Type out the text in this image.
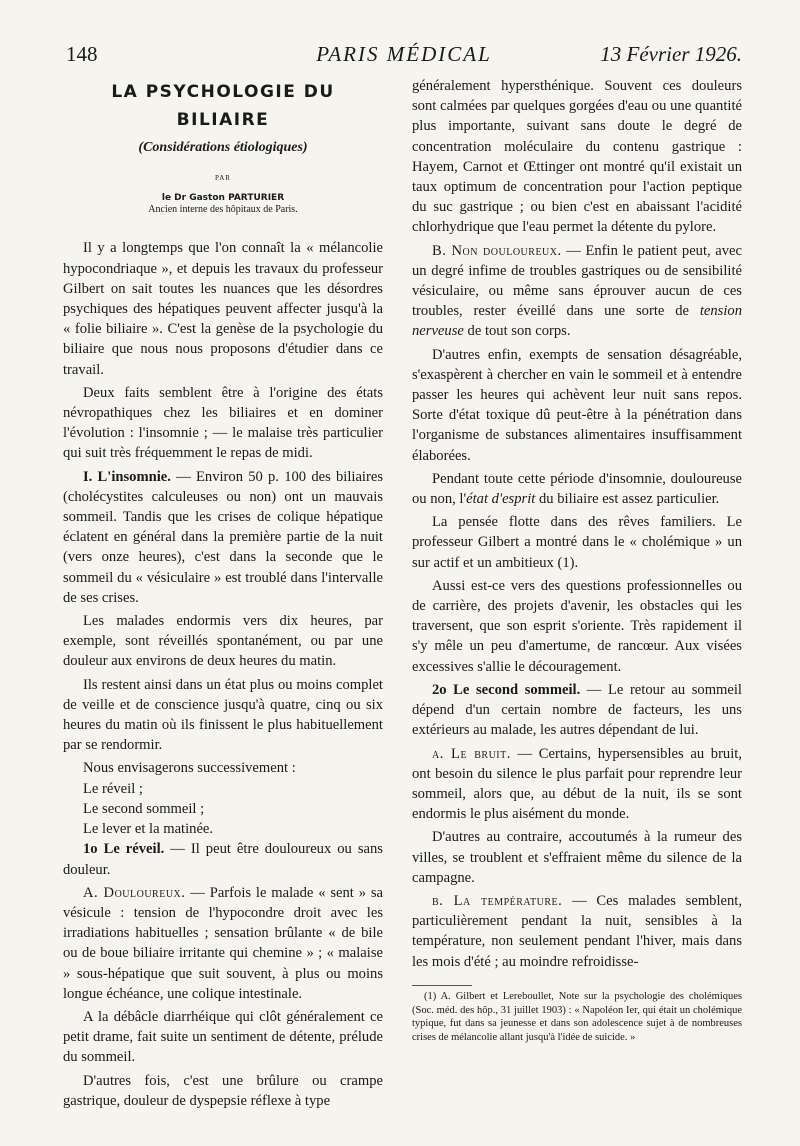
148	PARIS MÉDICAL	13 Février 1926.
LA PSYCHOLOGIE DU
BILIAIRE
(Considérations étiologiques)
PAR
le Dr Gaston PARTURIER
Ancien interne des hôpitaux de Paris.

Il y a longtemps que l'on connaît la « mélancolie hypocondriaque », et depuis les travaux du professeur Gilbert on sait toutes les nuances que les désordres psychiques des hépatiques peuvent affecter jusqu'à la « folie biliaire ». C'est la genèse de la psychologie du biliaire que nous nous proposons d'étudier dans ce travail.

Deux faits semblent être à l'origine des états névropathiques chez les biliaires et en dominer l'évolution : l'insomnie ; — le malaise très particulier qui suit très fréquemment le repas de midi.

I. L'insomnie. — Environ 50 p. 100 des biliaires (cholécystites calculeuses ou non) ont un mauvais sommeil. Tandis que les crises de colique hépatique éclatent en général dans la première partie de la nuit (vers onze heures), c'est dans la seconde que le sommeil du « vésiculaire » est troublé dans l'intervalle de ses crises.

Les malades endormis vers dix heures, par exemple, sont réveillés spontanément, ou par une douleur aux environs de deux heures du matin.

Ils restent ainsi dans un état plus ou moins complet de veille et de conscience jusqu'à quatre, cinq ou six heures du matin où ils finissent le plus habituellement par se rendormir.

Nous envisagerons successivement :

Le réveil ;

Le second sommeil ;

Le lever et la matinée.

1o Le réveil. — Il peut être douloureux ou sans douleur.

A. Douloureux. — Parfois le malade « sent » sa vésicule : tension de l'hypocondre droit avec les irradiations habituelles ; sensation brûlante « de bile ou de boue biliaire irritante qui chemine » ; « malaise » sous-hépatique que suit souvent, à plus ou moins longue échéance, une colique intestinale.

A la débâcle diarrhéique qui clôt généralement ce petit drame, fait suite un sentiment de détente, prélude du sommeil.

D'autres fois, c'est une brûlure ou crampe gastrique, douleur de dyspepsie réflexe à type

généralement hypersthénique. Souvent ces douleurs sont calmées par quelques gorgées d'eau ou une quantité plus importante, suivant sans doute le degré de concentration moléculaire du contenu gastrique : Hayem, Carnot et Œttinger ont montré qu'il existait un taux optimum de concentration pour l'action peptique du suc gastrique ; ou bien c'est en abaissant l'acidité chlorhydrique que l'eau permet la détente du pylore.

B. Non douloureux. — Enfin le patient peut, avec un degré infime de troubles gastriques ou de sensibilité vésiculaire, ou même sans éprouver aucun de ces troubles, rester éveillé dans une sorte de tension nerveuse de tout son corps.

D'autres enfin, exempts de sensation désagréable, s'exaspèrent à chercher en vain le sommeil et à entendre passer les heures qui achèvent leur nuit sans repos. Sorte d'état toxique dû peut-être à la pénétration dans l'organisme de substances alimentaires insuffisamment élaborées.

Pendant toute cette période d'insomnie, douloureuse ou non, l'état d'esprit du biliaire est assez particulier.

La pensée flotte dans des rêves familiers. Le professeur Gilbert a montré dans le « cholémique » un sur actif et un ambitieux (1).

Aussi est-ce vers des questions professionnelles ou de carrière, des projets d'avenir, les obstacles qui les traversent, que son esprit s'oriente. Très rapidement il s'y mêle un peu d'amertume, de rancœur. Aux visées excessives s'allie le découragement.

2o Le second sommeil. — Le retour au sommeil dépend d'un certain nombre de facteurs, les uns extérieurs au malade, les autres dépendant de lui.

a. Le bruit. — Certains, hypersensibles au bruit, ont besoin du silence le plus parfait pour reprendre leur sommeil, alors que, au début de la nuit, ils se sont endormis le plus aisément du monde.

D'autres au contraire, accoutumés à la rumeur des villes, se troublent et s'effraient même du silence de la campagne.

b. La température. — Ces malades semblent, particulièrement pendant la nuit, sensibles à la température, non seulement pendant l'hiver, mais dans les mois d'été ; au moindre refroidisse-

(1) A. Gilbert et Lereboullet, Note sur la psychologie des cholémiques (Soc. méd. des hôp., 31 juillet 1903) : « Napoléon Ier, qui était un cholémique typique, fut dans sa jeunesse et dans son adolescence sujet à de nombreuses crises de mélancolie allant jusqu'à l'idée de suicide. »
